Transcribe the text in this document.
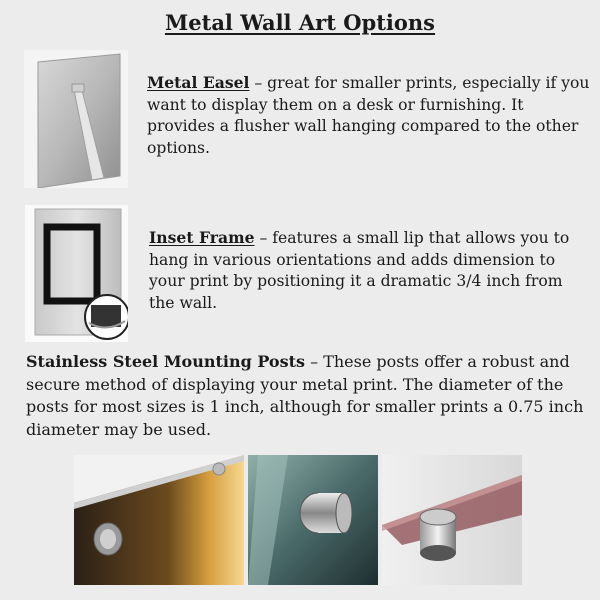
Metal Wall Art Options
Metal Easel – great for smaller prints, especially if you want to display them on a desk or furnishing. It provides a flusher wall hanging compared to the other options.
Inset Frame – features a small lip that allows you to hang in various orientations and adds dimension to your print by positioning it a dramatic 3/4 inch from the wall.
Stainless Steel Mounting Posts – These posts offer a robust and secure method of displaying your metal print. The diameter of the posts for most sizes is 1 inch, although for smaller prints a 0.75 inch diameter may be used.
